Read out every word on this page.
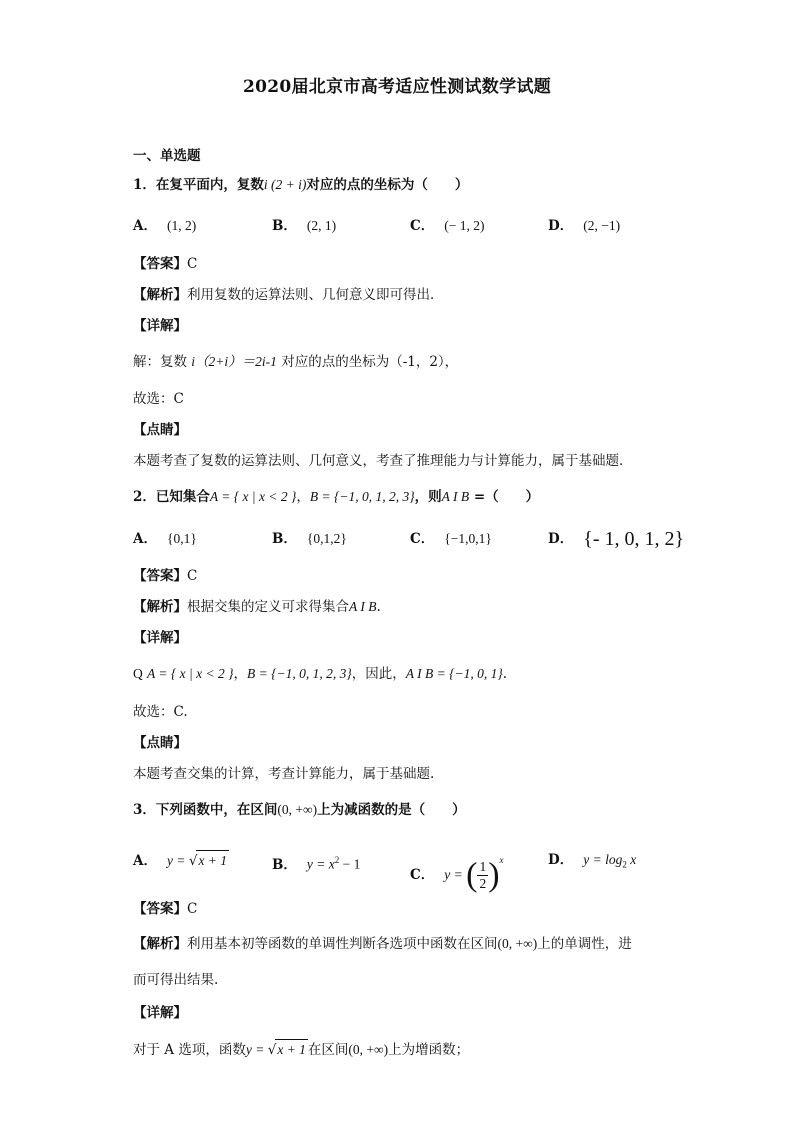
2020届北京市高考适应性测试数学试题
一、单选题
1．在复平面内，复数i (2 + i)对应的点的坐标为（　　）
A． (1, 2)	B． (2, 1)	C． (− 1, 2)	D． (2, −1)
【答案】C
【解析】利用复数的运算法则、几何意义即可得出．
【详解】
解：复数 i（2+i）＝2i-1 对应的点的坐标为（-1，2），
故选：C
【点睛】
本题考查了复数的运算法则、几何意义，考查了推理能力与计算能力，属于基础题．
2．已知集合A = { x | x < 2 }，B = {−1, 0, 1, 2, 3}，则A I B =（　　）
A． {0,1}	B． {0,1,2}	C． {−1,0,1}	D． {- 1, 0, 1, 2}
【答案】C
【解析】根据交集的定义可求得集合A I B.
【详解】
Q A = { x | x < 2 }，B = {−1, 0, 1, 2, 3}，因此，A I B = {−1, 0, 1}.
故选：C.
【点睛】
本题考查交集的计算，考查计算能力，属于基础题.
3．下列函数中，在区间(0, +∞)上为减函数的是（　　）
A． y = √x + 1	B． $y = x^2 - 1$
C． y = ( $\frac{1}{2} )^x$	D． $y = \log_2 x$
【答案】C
【解析】利用基本初等函数的单调性判断各选项中函数在区间(0, +∞)上的单调性，进
而可得出结果.
【详解】
对于 A 选项，函数y = √x + 1 在区间(0, +∞)上为增函数；
